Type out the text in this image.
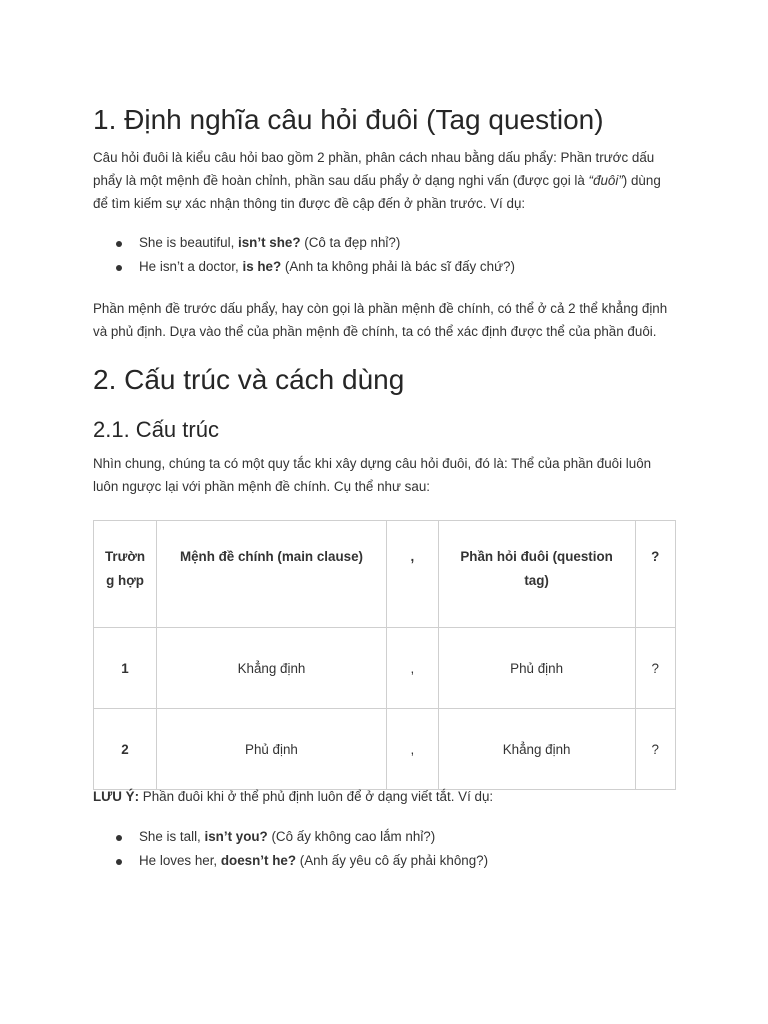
1. Định nghĩa câu hỏi đuôi (Tag question)

Câu hỏi đuôi là kiểu câu hỏi bao gồm 2 phần, phân cách nhau bằng dấu phẩy: Phần trước dấu phẩy là một mệnh đề hoàn chỉnh, phần sau dấu phẩy ở dạng nghi vấn (được gọi là “đuôi”) dùng để tìm kiếm sự xác nhận thông tin được đề cập đến ở phần trước. Ví dụ:

She is beautiful, isn’t she? (Cô ta đẹp nhỉ?)
He isn’t a doctor, is he? (Anh ta không phải là bác sĩ đấy chứ?)

Phần mệnh đề trước dấu phẩy, hay còn gọi là phần mệnh đề chính, có thể ở cả 2 thể khẳng định và phủ định. Dựa vào thể của phần mệnh đề chính, ta có thể xác định được thể của phần đuôi.

2. Cấu trúc và cách dùng
2.1. Cấu trúc

Nhìn chung, chúng ta có một quy tắc khi xây dựng câu hỏi đuôi, đó là: Thể của phần đuôi luôn luôn ngược lại với phần mệnh đề chính. Cụ thể như sau:

Trườn g hợp	Mệnh đề chính (main clause)	,	Phần hỏi đuôi (question tag)	?
1	Khẳng định	,	Phủ định	?
2	Phủ định	,	Khẳng định	?

LƯU Ý: Phần đuôi khi ở thể phủ định luôn để ở dạng viết tắt. Ví dụ:

She is tall, isn’t you? (Cô ấy không cao lắm nhỉ?)
He loves her, doesn’t he? (Anh ấy yêu cô ấy phải không?)
